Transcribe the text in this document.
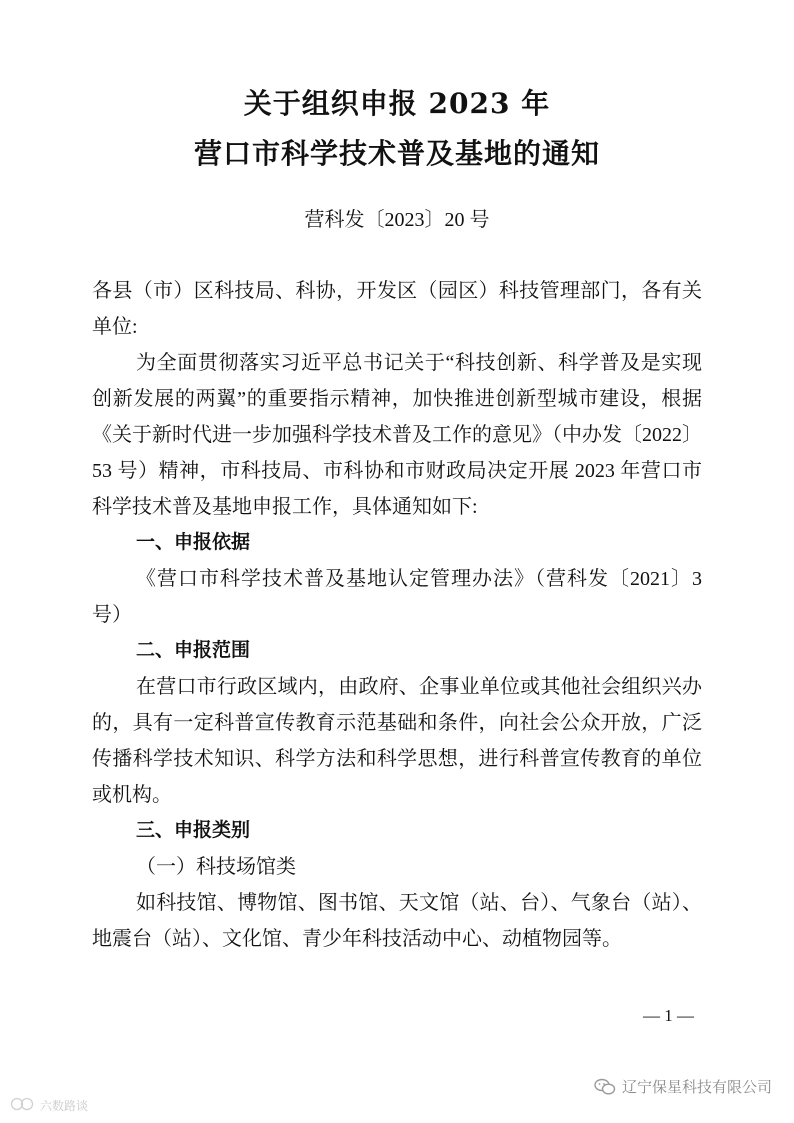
关于组织申报 2023 年
营口市科学技术普及基地的通知
营科发〔2023〕20 号

各县（市）区科技局、科协，开发区（园区）科技管理部门，各有关单位:

为全面贯彻落实习近平总书记关于“科技创新、科学普及是实现创新发展的两翼”的重要指示精神，加快推进创新型城市建设，根据《关于新时代进一步加强科学技术普及工作的意见》（中办发〔2022〕53 号）精神，市科技局、市科协和市财政局决定开展 2023 年营口市科学技术普及基地申报工作，具体通知如下:

一、申报依据

《营口市科学技术普及基地认定管理办法》（营科发〔2021〕3号）

二、申报范围

在营口市行政区域内，由政府、企事业单位或其他社会组织兴办的，具有一定科普宣传教育示范基础和条件，向社会公众开放，广泛传播科学技术知识、科学方法和科学思想，进行科普宣传教育的单位或机构。

三、申报类别

（一）科技场馆类

如科技馆、博物馆、图书馆、天文馆（站、台）、气象台（站）、地震台（站）、文化馆、青少年科技活动中心、动植物园等。

— 1 —
辽宁保星科技有限公司
六数路谈
